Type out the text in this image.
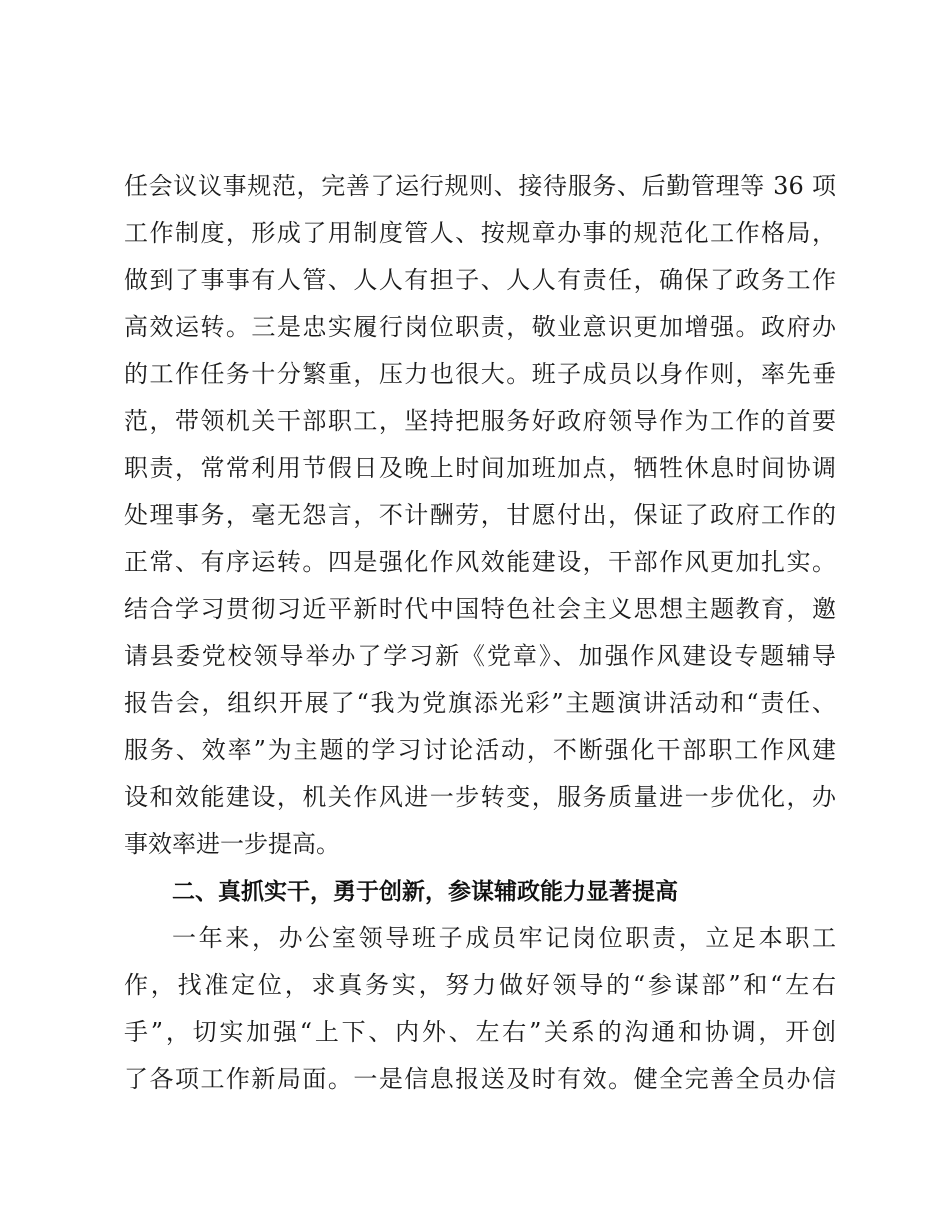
任会议议事规范，完善了运行规则、接待服务、后勤管理等 36 项
工作制度，形成了用制度管人、按规章办事的规范化工作格局，
做到了事事有人管、人人有担子、人人有责任，确保了政务工作
高效运转。三是忠实履行岗位职责，敬业意识更加增强。政府办
的工作任务十分繁重，压力也很大。班子成员以身作则，率先垂
范，带领机关干部职工，坚持把服务好政府领导作为工作的首要
职责，常常利用节假日及晚上时间加班加点，牺牲休息时间协调
处理事务，毫无怨言，不计酬劳，甘愿付出，保证了政府工作的
正常、有序运转。四是强化作风效能建设，干部作风更加扎实。
结合学习贯彻习近平新时代中国特色社会主义思想主题教育，邀
请县委党校领导举办了学习新《党章》、加强作风建设专题辅导
报告会，组织开展了“我为党旗添光彩”主题演讲活动和“责任、
服务、效率”为主题的学习讨论活动，不断强化干部职工作风建
设和效能建设，机关作风进一步转变，服务质量进一步优化，办
事效率进一步提高。
二、真抓实干，勇于创新，参谋辅政能力显著提高
一年来，办公室领导班子成员牢记岗位职责，立足本职工
作，找准定位，求真务实，努力做好领导的“参谋部”和“左右
手”，切实加强“上下、内外、左右”关系的沟通和协调，开创
了各项工作新局面。一是信息报送及时有效。健全完善全员办信
